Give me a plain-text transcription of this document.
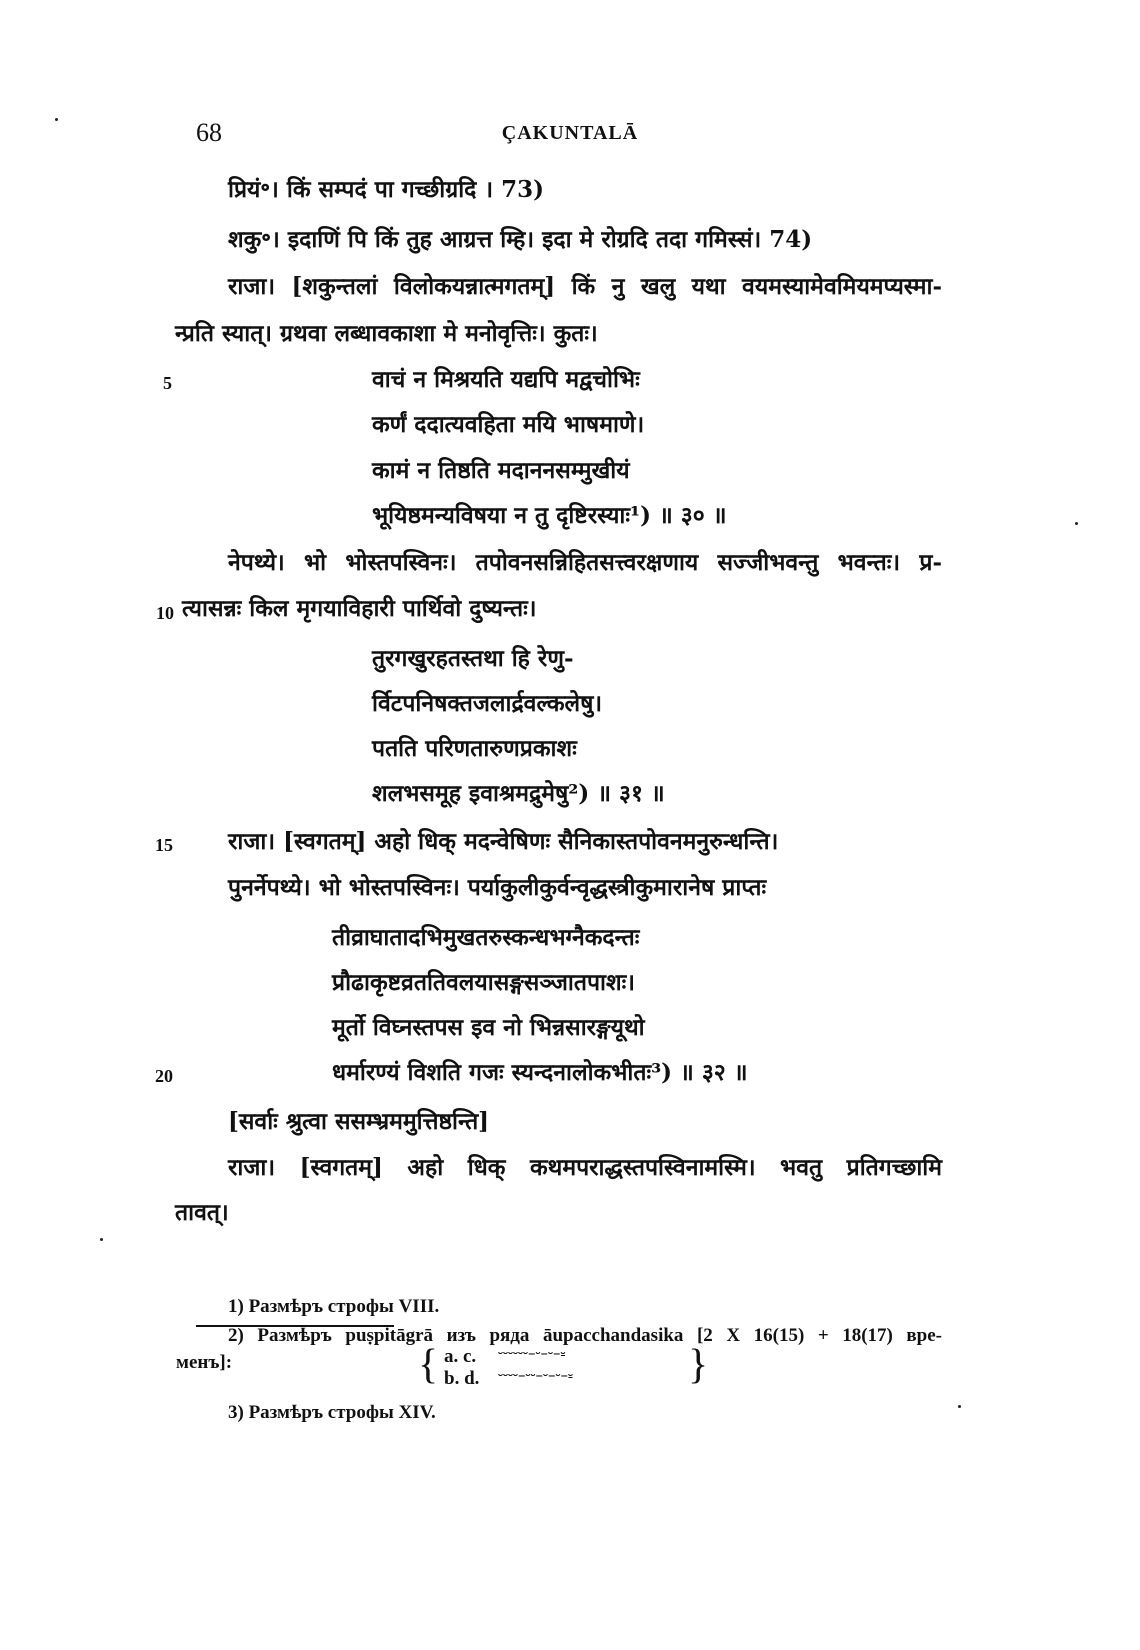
68	ÇAKUNTALĀ
प्रियं॰। किं सम्पदं पा गच्छीग्रदि । 73)
शकु॰। इदाणिं पि किं तुह आग्रत्त म्हि। इदा मे रोग्रदि तदा गमिस्सं। 74)
राजा। [शकुन्तलां विलोकयन्नात्मगतम्] किं नु खलु यथा वयमस्यामेवमियमप्यस्मा-
न्प्रति स्यात्। ग्रथवा लब्धावकाशा मे मनोवृत्तिः। कुतः।
5	वाचं न मिश्रयति यद्यपि मद्वचोभिः
कर्णं ददात्यवहिता मयि भाषमाणे।
कामं न तिष्ठति मदाननसम्मुखीयं
भूयिष्ठमन्यविषया न तु दृष्टिरस्याः¹) ॥ ३० ॥
नेपथ्ये। भो भोस्तपस्विनः। तपोवनसन्निहितसत्त्वरक्षणाय सज्जीभवन्तु भवन्तः। प्र-
10 त्यासन्नः किल मृगयाविहारी पार्थिवो दुष्यन्तः।
तुरगखुरहतस्तथा हि रेणु-
र्विटपनिषक्तजलार्द्रवल्कलेषु।
पतति परिणतारुणप्रकाशः
शलभसमूह इवाश्रमद्रुमेषु²) ॥ ३१ ॥
15 राजा। [स्वगतम्] अहो धिक् मदन्वेषिणः सैनिकास्तपोवनमनुरुन्धन्ति।
पुनर्नेपथ्ये। भो भोस्तपस्विनः। पर्याकुलीकुर्वन्वृद्धस्त्रीकुमारानेष प्राप्तः
तीव्राघातादभिमुखतरुस्कन्धभग्नैकदन्तः
प्रौढाकृष्टव्रततिवलयासङ्गसञ्जातपाशः।
मूर्तो विघ्नस्तपस इव नो भिन्नसारङ्गयूथो
20	धर्मारण्यं विशति गजः स्यन्दनालोकभीतः³) ॥ ३२ ॥
[सर्वाः श्रुत्वा ससम्भ्रममुत्तिष्ठन्ति]
राजा। [स्वगतम्] अहो धिक् कथमपराद्धस्तपस्विनामस्मि। भवतु प्रतिगच्छामि
तावत्।
1) Размѣръ строфы VIII.
2) Размѣръ puṣpitāgrā изъ ряда āupacchandasika [2 X 16(15) + 18(17) вре-
менъ]:	{ a. c. ⏑⏑⏑⏑⏑⏑–⏑–⏑–⏓
b. d. ⏑⏑⏑⏑–⏑⏑–⏑–⏑–⏓	}
3) Размѣръ строфы XIV.
